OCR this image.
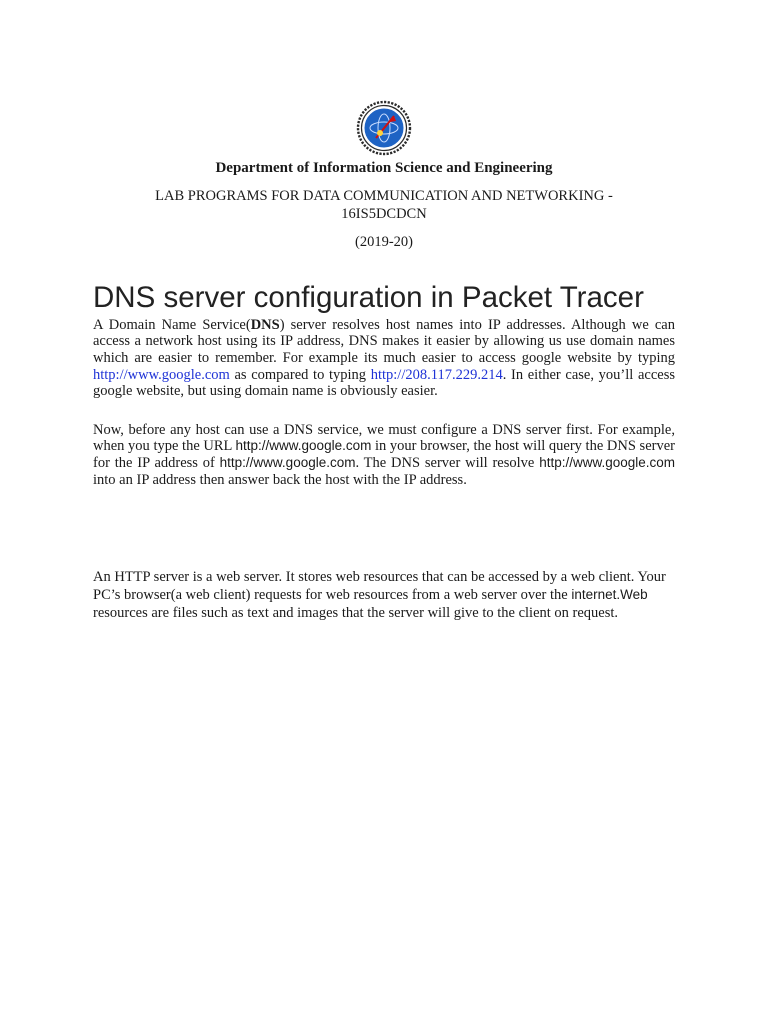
Department of Information Science and Engineering
LAB PROGRAMS FOR DATA COMMUNICATION AND NETWORKING - 16IS5DCDCN
(2019-20)
DNS server configuration in Packet Tracer

A Domain Name Service(DNS) server resolves host names into IP addresses. Although we can access a network host using its IP address, DNS makes it easier by allowing us use domain names which are easier to remember. For example its much easier to access google website by typing http://www.google.com as compared to typing http://208.117.229.214. In either case, you’ll access google website, but using domain name is obviously easier.

Now, before any host can use a DNS service, we must configure a DNS server first. For example, when you type the URL http://www.google.com in your browser, the host will query the DNS server for the IP address of http://www.google.com. The DNS server will resolve http://www.google.com into an IP address then answer back the host with the IP address.

An HTTP server is a web server. It stores web resources that can be accessed by a web client. Your PC’s browser(a web client) requests for web resources from a web server over the internet.Web resources are files such as text and images that the server will give to the client on request.
